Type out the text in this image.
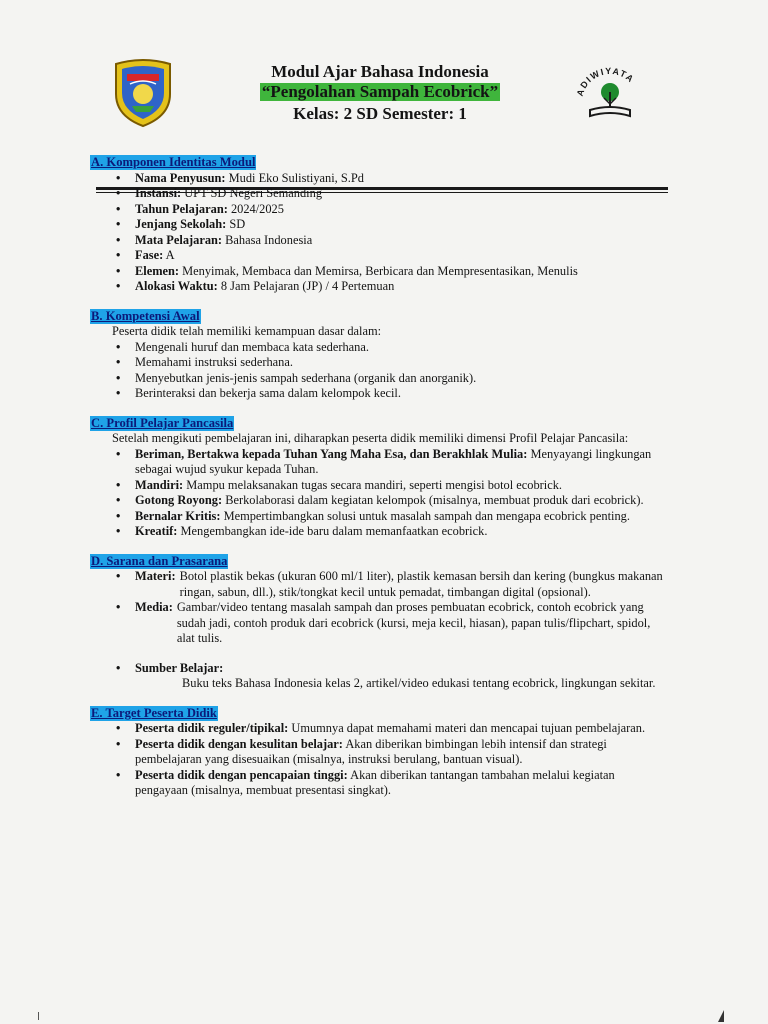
Modul Ajar Bahasa Indonesia
“Pengolahan Sampah Ecobrick”
Kelas: 2 SD Semester: 1
ADIWIYATA
A. Komponen Identitas Modul
• Nama Penyusun: Mudi Eko Sulistiyani, S.Pd
• Instansi: UPT SD Negeri Semanding
• Tahun Pelajaran: 2024/2025
• Jenjang Sekolah: SD
• Mata Pelajaran: Bahasa Indonesia
• Fase: A
• Elemen: Menyimak, Membaca dan Memirsa, Berbicara dan Mempresentasikan, Menulis
• Alokasi Waktu: 8 Jam Pelajaran (JP) / 4 Pertemuan
B. Kompetensi Awal
Peserta didik telah memiliki kemampuan dasar dalam:
• Mengenali huruf dan membaca kata sederhana.
• Memahami instruksi sederhana.
• Menyebutkan jenis-jenis sampah sederhana (organik dan anorganik).
• Berinteraksi dan bekerja sama dalam kelompok kecil.
C. Profil Pelajar Pancasila
Setelah mengikuti pembelajaran ini, diharapkan peserta didik memiliki dimensi Profil Pelajar Pancasila:
• Beriman, Bertakwa kepada Tuhan Yang Maha Esa, dan Berakhlak Mulia: Menyayangi lingkungan sebagai wujud syukur kepada Tuhan.
• Mandiri: Mampu melaksanakan tugas secara mandiri, seperti mengisi botol ecobrick.
• Gotong Royong: Berkolaborasi dalam kegiatan kelompok (misalnya, membuat produk dari ecobrick).
• Bernalar Kritis: Mempertimbangkan solusi untuk masalah sampah dan mengapa ecobrick penting.
• Kreatif: Mengembangkan ide-ide baru dalam memanfaatkan ecobrick.
D. Sarana dan Prasarana
• Materi: Botol plastik bekas (ukuran 600 ml/1 liter), plastik kemasan bersih dan kering (bungkus makanan ringan, sabun, dll.), stik/tongkat kecil untuk pemadat, timbangan digital (opsional).
• Media: Gambar/video tentang masalah sampah dan proses pembuatan ecobrick, contoh ecobrick yang sudah jadi, contoh produk dari ecobrick (kursi, meja kecil, hiasan), papan tulis/flipchart, spidol, alat tulis.
• Sumber Belajar:
Buku teks Bahasa Indonesia kelas 2, artikel/video edukasi tentang ecobrick, lingkungan sekitar.
E. Target Peserta Didik
• Peserta didik reguler/tipikal: Umumnya dapat memahami materi dan mencapai tujuan pembelajaran.
• Peserta didik dengan kesulitan belajar: Akan diberikan bimbingan lebih intensif dan strategi pembelajaran yang disesuaikan (misalnya, instruksi berulang, bantuan visual).
• Peserta didik dengan pencapaian tinggi: Akan diberikan tantangan tambahan melalui kegiatan pengayaan (misalnya, membuat presentasi singkat).
